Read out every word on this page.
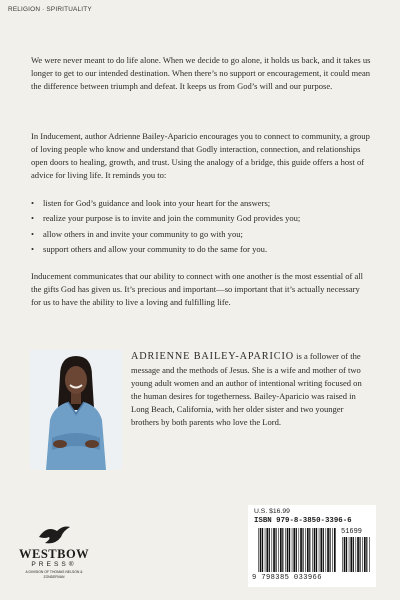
RELIGION · SPIRITUALITY

We were never meant to do life alone. When we decide to go alone, it holds us back, and it takes us longer to get to our intended destination. When there’s no support or encouragement, it could mean the difference between triumph and defeat. It keeps us from God’s will and our purpose.

In Inducement, author Adrienne Bailey-Aparicio encourages you to connect to community, a group of loving people who know and understand that Godly interaction, connection, and relationships open doors to healing, growth, and trust. Using the analogy of a bridge, this guide offers a host of advice for living life. It reminds you to:

• listen for God’s guidance and look into your heart for the answers;
• realize your purpose is to invite and join the community God provides you;
• allow others in and invite your community to go with you;
• support others and allow your community to do the same for you.

Inducement communicates that our ability to connect with one another is the most essential of all the gifts God has given us. It’s precious and important—so important that it’s actually necessary for us to have the ability to live a loving and fulfilling life.

ADRIENNE BAILEY-APARICIO is a follower of the message and the methods of Jesus. She is a wife and mother of two young adult women and an author of intentional writing focused on the human desires for togetherness. Bailey-Aparicio was raised in Long Beach, California, with her older sister and two younger brothers by both parents who love the Lord.

WESTBOW
PRESS®
A DIVISION OF THOMAS NELSON & ZONDERVAN
U.S. $16.99
ISBN 979-8-3850-3396-6
51699
9 798385 033966
